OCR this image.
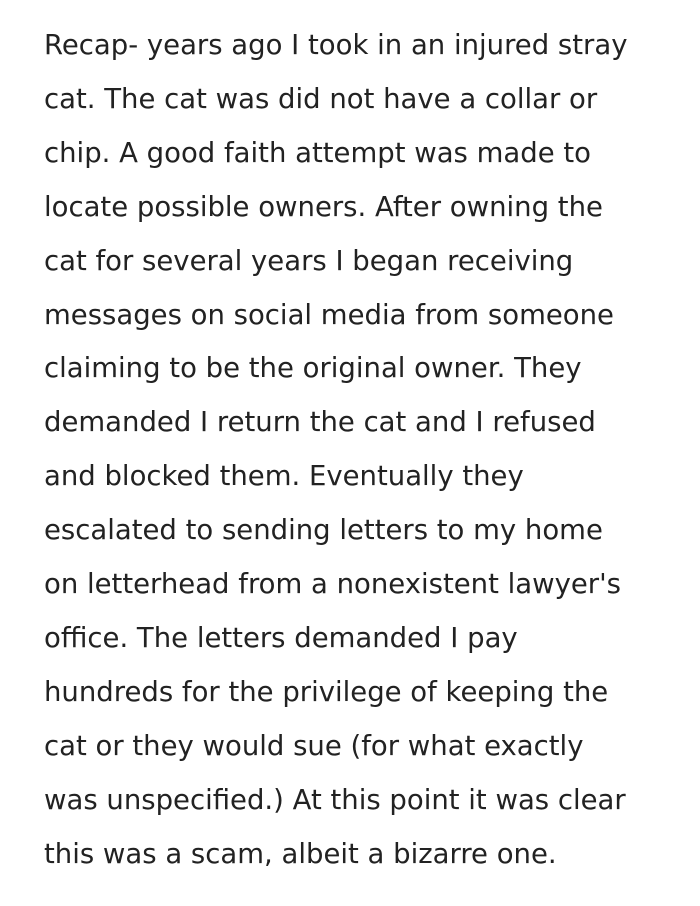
Recap- years ago I took in an injured stray
cat. The cat was did not have a collar or
chip. A good faith attempt was made to
locate possible owners. After owning the
cat for several years I began receiving
messages on social media from someone
claiming to be the original owner. They
demanded I return the cat and I refused
and blocked them. Eventually they
escalated to sending letters to my home
on letterhead from a nonexistent lawyer's
office. The letters demanded I pay
hundreds for the privilege of keeping the
cat or they would sue (for what exactly
was unspecified.) At this point it was clear
this was a scam, albeit a bizarre one.
